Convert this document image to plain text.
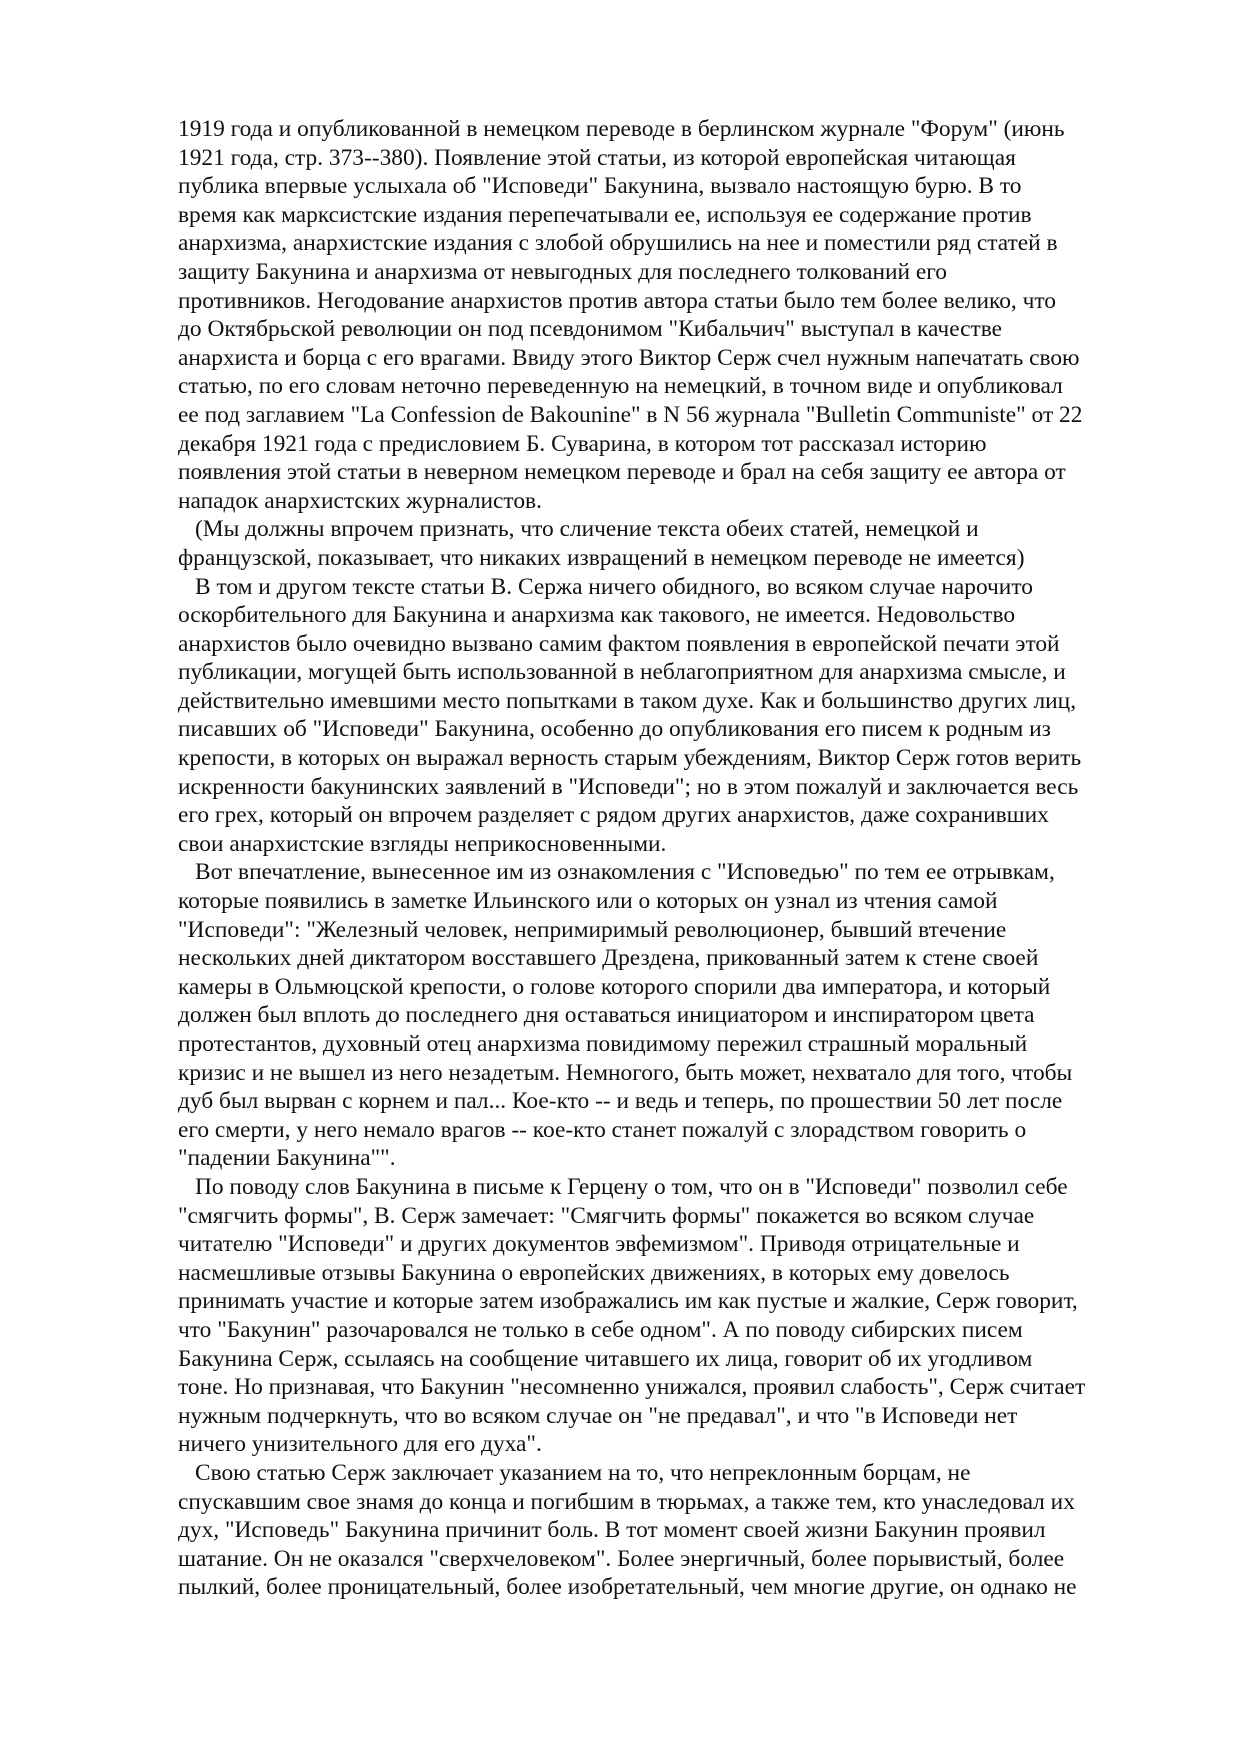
1919 года и опубликованной в немецком переводе в берлинском журнале "Форум" (июнь

1921 года, стр. 373--380). Появление этой статьи, из которой европейская читающая

публика впервые услыхала об "Исповеди" Бакунина, вызвало настоящую бурю. В то

время как марксистские издания перепечатывали ее, используя ее содержание против

анархизма, анархистские издания с злобой обрушились на нее и поместили ряд статей в

защиту Бакунина и анархизма от невыгодных для последнего толкований его

противников. Негодование анархистов против автора статьи было тем более велико, что

до Октябрьской революции он под псевдонимом "Кибальчич" выступал в качестве

анархиста и борца с его врагами. Ввиду этого Виктор Серж счел нужным напечатать свою

статью, по его словам неточно переведенную на немецкий, в точном виде и опубликовал

ее под заглавием "La Confession de Bakounine" в N 56 журнала "Bulletin Communiste" от 22

декабря 1921 года с предисловием Б. Суварина, в котором тот рассказал историю

появления этой статьи в неверном немецком переводе и брал на себя защиту ее автора от

нападок анархистских журналистов.

(Мы должны впрочем признать, что сличение текста обеих статей, немецкой и

французской, показывает, что никаких извращений в немецком переводе не имеется)

В том и другом тексте статьи В. Сержа ничего обидного, во всяком случае нарочито

оскорбительного для Бакунина и анархизма как такового, не имеется. Недовольство

анархистов было очевидно вызвано самим фактом появления в европейской печати этой

публикации, могущей быть использованной в неблагоприятном для анархизма смысле, и

действительно имевшими место попытками в таком духе. Как и большинство других лиц,

писавших об "Исповеди" Бакунина, особенно до опубликования его писем к родным из

крепости, в которых он выражал верность старым убеждениям, Виктор Серж готов верить

искренности бакунинских заявлений в "Исповеди"; но в этом пожалуй и заключается весь

его грех, который он впрочем разделяет с рядом других анархистов, даже сохранивших

свои анархистские взгляды неприкосновенными.

Вот впечатление, вынесенное им из ознакомления с "Исповедью" по тем ее отрывкам,

которые появились в заметке Ильинского или о которых он узнал из чтения самой

"Исповеди": "Железный человек, непримиримый революционер, бывший втечение

нескольких дней диктатором восставшего Дрездена, прикованный затем к стене своей

камеры в Ольмюцской крепости, о голове которого спорили два императора, и который

должен был вплоть до последнего дня оставаться инициатором и инспиратором цвета

протестантов, духовный отец анархизма повидимому пережил страшный моральный

кризис и не вышел из него незадетым. Немногого, быть может, нехватало для того, чтобы

дуб был вырван с корнем и пал... Кое-кто -- и ведь и теперь, по прошествии 50 лет после

его смерти, у него немало врагов -- кое-кто станет пожалуй с злорадством говорить о

"падении Бакунина"".

По поводу слов Бакунина в письме к Герцену о том, что он в "Исповеди" позволил себе

"смягчить формы", В. Серж замечает: "Смягчить формы" покажется во всяком случае

читателю "Исповеди" и других документов эвфемизмом". Приводя отрицательные и

насмешливые отзывы Бакунина о европейских движениях, в которых ему довелось

принимать участие и которые затем изображались им как пустые и жалкие, Серж говорит,

что "Бакунин" разочаровался не только в себе одном". А по поводу сибирских писем

Бакунина Серж, ссылаясь на сообщение читавшего их лица, говорит об их угодливом

тоне. Но признавая, что Бакунин "несомненно унижался, проявил слабость", Серж считает

нужным подчеркнуть, что во всяком случае он "не предавал", и что "в Исповеди нет

ничего унизительного для его духа".

Свою статью Серж заключает указанием на то, что непреклонным борцам, не

спускавшим свое знамя до конца и погибшим в тюрьмах, а также тем, кто унаследовал их

дух, "Исповедь" Бакунина причинит боль. В тот момент своей жизни Бакунин проявил

шатание. Он не оказался "сверхчеловеком". Более энергичный, более порывистый, более

пылкий, более проницательный, более изобретательный, чем многие другие, он однако не
